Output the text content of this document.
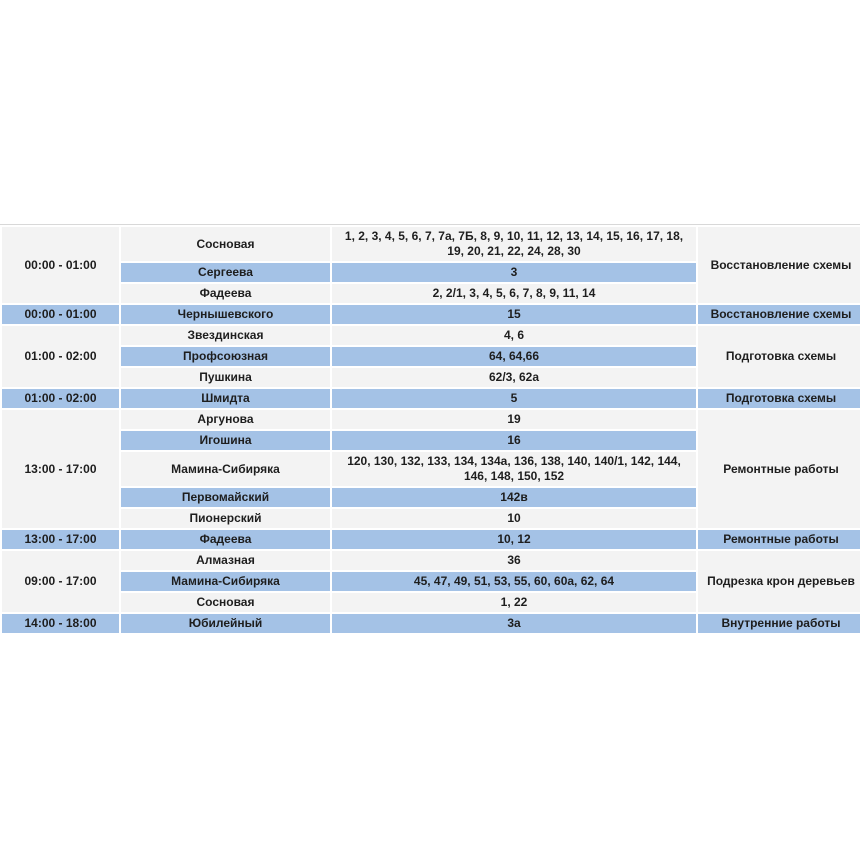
00:00 - 01:00	Сосновая	1, 2, 3, 4, 5, 6, 7, 7а, 7Б, 8, 9, 10, 11, 12, 13, 14, 15, 16, 17, 18, 19, 20, 21, 22, 24, 28, 30	Восстановление схемы
	Сергеева	3	
	Фадеева	2, 2/1, 3, 4, 5, 6, 7, 8, 9, 11, 14	
00:00 - 01:00	Чернышевского	15	Восстановление схемы
01:00 - 02:00	Звездинская	4, 6	Подготовка схемы
	Профсоюзная	64, 64,66	
	Пушкина	62/3, 62а	
01:00 - 02:00	Шмидта	5	Подготовка схемы
13:00 - 17:00	Аргунова	19	Ремонтные работы
	Игошина	16	
	Мамина-Сибиряка	120, 130, 132, 133, 134, 134а, 136, 138, 140, 140/1, 142, 144, 146, 148, 150, 152	
	Первомайский	142в	
	Пионерский	10	
13:00 - 17:00	Фадеева	10, 12	Ремонтные работы
09:00 - 17:00	Алмазная	36	Подрезка крон деревьев
	Мамина-Сибиряка	45, 47, 49, 51, 53, 55, 60, 60а, 62, 64	
	Сосновая	1, 22	
14:00 - 18:00	Юбилейный	3а	Внутренние работы
